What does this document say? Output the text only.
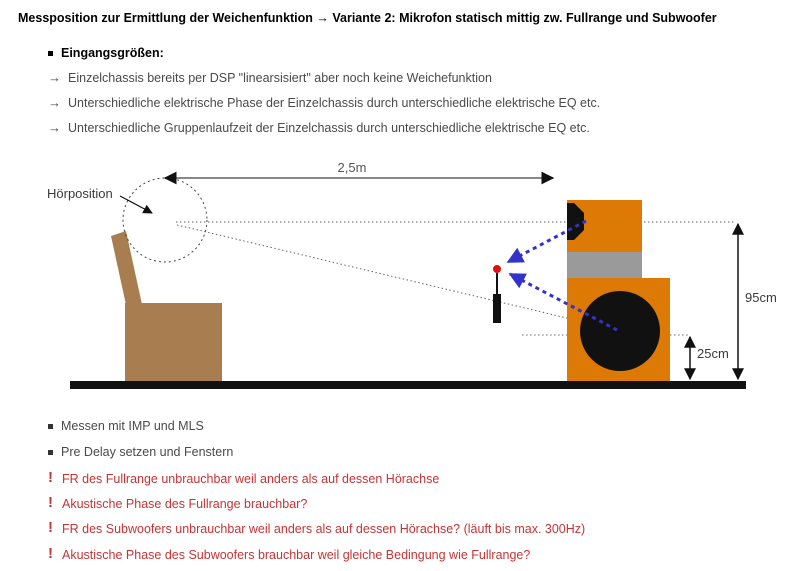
Messposition zur Ermittlung der Weichenfunktion → Variante 2: Mikrofon statisch mittig zw. Fullrange und Subwoofer
Eingangsgrößen:
→ Einzelchassis bereits per DSP "linearsisiert" aber noch keine Weichefunktion
→ Unterschiedliche elektrische Phase der Einzelchassis durch unterschiedliche elektrische EQ etc.
→ Unterschiedliche Gruppenlaufzeit der Einzelchassis durch unterschiedliche elektrische EQ etc.
2,5m
Hörposition
95cm
25cm
Messen mit IMP und MLS
Pre Delay setzen und Fenstern
! FR des Fullrange unbrauchbar weil anders als auf dessen Hörachse
! Akustische Phase des Fullrange brauchbar?
! FR des Subwoofers unbrauchbar weil anders als auf dessen Hörachse? (läuft bis max. 300Hz)
! Akustische Phase des Subwoofers brauchbar weil gleiche Bedingung wie Fullrange?
